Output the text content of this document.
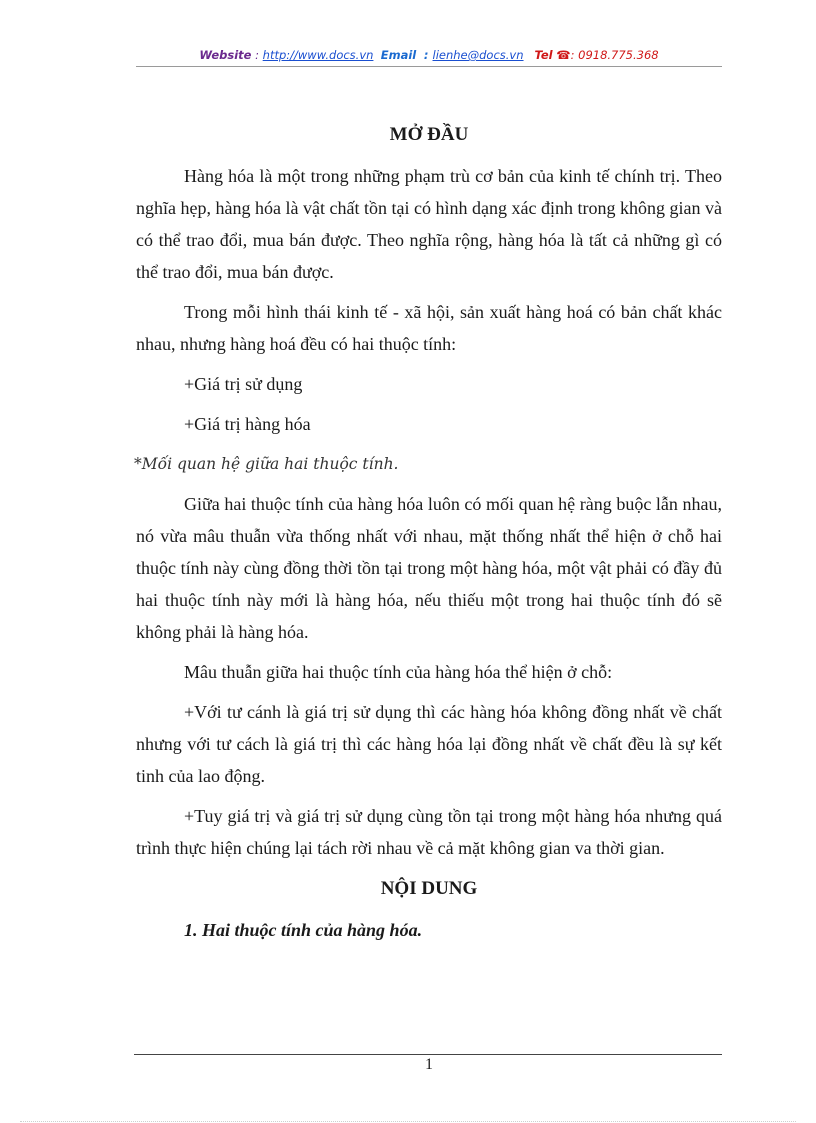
Website : http://www.docs.vn Email  : lienhe@docs.vn Tel ☎: 0918.775.368
MỞ ĐẦU

Hàng hóa là một trong những phạm trù cơ bản của kinh tế chính trị. Theo nghĩa hẹp, hàng hóa là vật chất tồn tại có hình dạng xác định trong không gian và có thể trao đổi, mua bán được. Theo nghĩa rộng, hàng hóa là tất cả những gì có thể trao đổi, mua bán được.

Trong mỗi hình thái kinh tế - xã hội, sản xuất hàng hoá có bản chất khác nhau, nhưng hàng hoá đều có hai thuộc tính:

+Giá trị sử dụng

+Giá trị hàng hóa

*Mối quan hệ giữa hai thuộc tính.

Giữa hai thuộc tính của hàng hóa luôn có mối quan hệ ràng buộc lẫn nhau, nó vừa mâu thuẫn vừa thống nhất với nhau, mặt thống nhất thể hiện ở chỗ hai thuộc tính này cùng đồng thời tồn tại trong một hàng hóa, một vật phải có đầy đủ hai thuộc tính này mới là hàng hóa, nếu thiếu một trong hai thuộc tính đó sẽ không phải là hàng hóa.

Mâu thuẫn giữa hai thuộc tính của hàng hóa thể hiện ở chỗ:

+Với tư cánh là giá trị sử dụng thì các hàng hóa không đồng nhất về chất nhưng với tư cách là giá trị thì các hàng hóa lại đồng nhất về chất đều là sự kết tinh của lao động.

+Tuy giá trị và giá trị sử dụng cùng tồn tại trong một hàng hóa nhưng quá trình thực hiện chúng lại tách rời nhau về cả mặt không gian va thời gian.

NỘI DUNG
1. Hai thuộc tính của hàng hóa.
1
